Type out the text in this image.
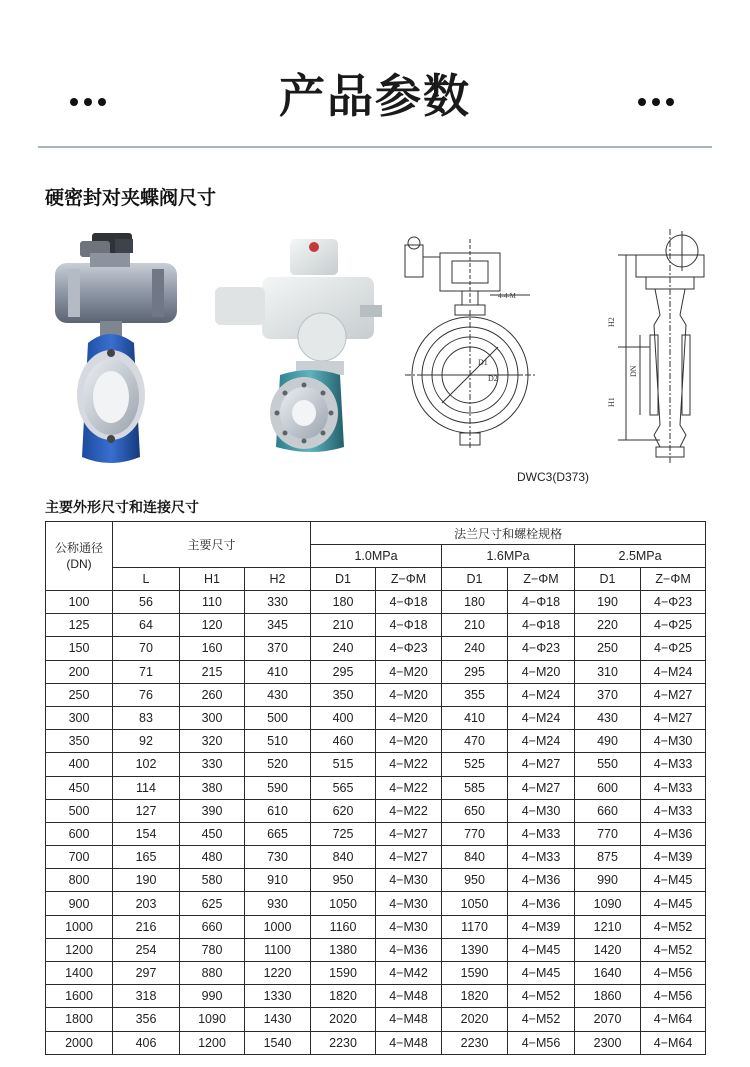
产品参数
硬密封对夹蝶阀尺寸
4-4-M
D1
D2
H2
DN
H1
DWC3(D373)
主要外形尺寸和连接尺寸
公称通径
(DN)	主要尺寸			法兰尺寸和螺栓规格					
				1.0MPa		1.6MPa		2.5MPa	
	L	H1	H2	D1	Z−ΦM	D1	Z−ΦM	D1	Z−ΦM
100	56	110	330	180	4−Φ18	180	4−Φ18	190	4−Φ23
125	64	120	345	210	4−Φ18	210	4−Φ18	220	4−Φ25
150	70	160	370	240	4−Φ23	240	4−Φ23	250	4−Φ25
200	71	215	410	295	4−M20	295	4−M20	310	4−M24
250	76	260	430	350	4−M20	355	4−M24	370	4−M27
300	83	300	500	400	4−M20	410	4−M24	430	4−M27
350	92	320	510	460	4−M20	470	4−M24	490	4−M30
400	102	330	520	515	4−M22	525	4−M27	550	4−M33
450	114	380	590	565	4−M22	585	4−M27	600	4−M33
500	127	390	610	620	4−M22	650	4−M30	660	4−M33
600	154	450	665	725	4−M27	770	4−M33	770	4−M36
700	165	480	730	840	4−M27	840	4−M33	875	4−M39
800	190	580	910	950	4−M30	950	4−M36	990	4−M45
900	203	625	930	1050	4−M30	1050	4−M36	1090	4−M45
1000	216	660	1000	1160	4−M30	1170	4−M39	1210	4−M52
1200	254	780	1100	1380	4−M36	1390	4−M45	1420	4−M52
1400	297	880	1220	1590	4−M42	1590	4−M45	1640	4−M56
1600	318	990	1330	1820	4−M48	1820	4−M52	1860	4−M56
1800	356	1090	1430	2020	4−M48	2020	4−M52	2070	4−M64
2000	406	1200	1540	2230	4−M48	2230	4−M56	2300	4−M64
